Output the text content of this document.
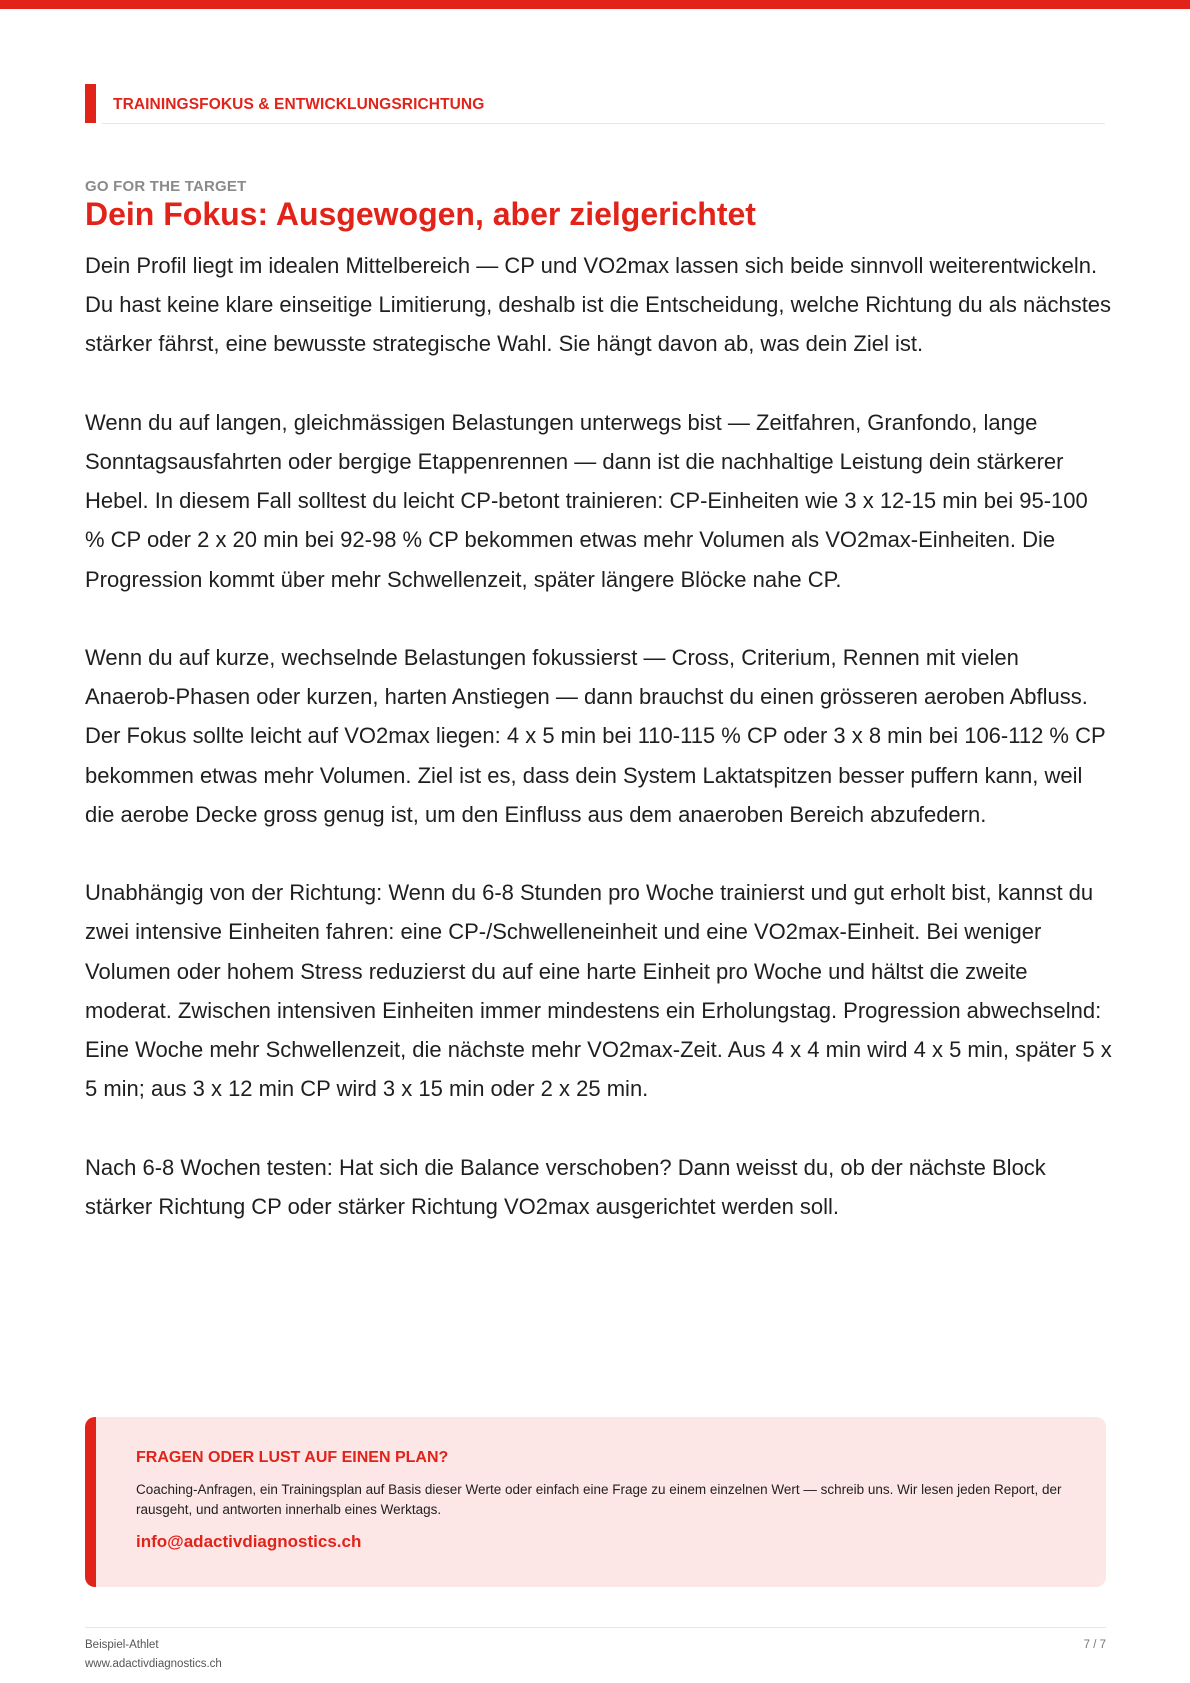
TRAININGSFOKUS & ENTWICKLUNGSRICHTUNG
GO FOR THE TARGET
Dein Fokus: Ausgewogen, aber zielgerichtet

Dein Profil liegt im idealen Mittelbereich — CP und VO2max lassen sich beide sinnvoll weiterentwickeln. Du hast keine klare einseitige Limitierung, deshalb ist die Entscheidung, welche Richtung du als nächstes stärker fährst, eine bewusste strategische Wahl. Sie hängt davon ab, was dein Ziel ist.

Wenn du auf langen, gleichmässigen Belastungen unterwegs bist — Zeitfahren, Granfondo, lange Sonntagsausfahrten oder bergige Etappenrennen — dann ist die nachhaltige Leistung dein stärkerer Hebel. In diesem Fall solltest du leicht CP-betont trainieren: CP-Einheiten wie 3 x 12-15 min bei 95-100 % CP oder 2 x 20 min bei 92-98 % CP bekommen etwas mehr Volumen als VO2max-Einheiten. Die Progression kommt über mehr Schwellenzeit, später längere Blöcke nahe CP.

Wenn du auf kurze, wechselnde Belastungen fokussierst — Cross, Criterium, Rennen mit vielen Anaerob-Phasen oder kurzen, harten Anstiegen — dann brauchst du einen grösseren aeroben Abfluss. Der Fokus sollte leicht auf VO2max liegen: 4 x 5 min bei 110-115 % CP oder 3 x 8 min bei 106-112 % CP bekommen etwas mehr Volumen. Ziel ist es, dass dein System Laktatspitzen besser puffern kann, weil die aerobe Decke gross genug ist, um den Einfluss aus dem anaeroben Bereich abzufedern.

Unabhängig von der Richtung: Wenn du 6-8 Stunden pro Woche trainierst und gut erholt bist, kannst du zwei intensive Einheiten fahren: eine CP-/Schwelleneinheit und eine VO2max-Einheit. Bei weniger Volumen oder hohem Stress reduzierst du auf eine harte Einheit pro Woche und hältst die zweite moderat. Zwischen intensiven Einheiten immer mindestens ein Erholungstag. Progression abwechselnd: Eine Woche mehr Schwellenzeit, die nächste mehr VO2max-Zeit. Aus 4 x 4 min wird 4 x 5 min, später 5 x 5 min; aus 3 x 12 min CP wird 3 x 15 min oder 2 x 25 min.

Nach 6-8 Wochen testen: Hat sich die Balance verschoben? Dann weisst du, ob der nächste Block stärker Richtung CP oder stärker Richtung VO2max ausgerichtet werden soll.

FRAGEN ODER LUST AUF EINEN PLAN?
Coaching-Anfragen, ein Trainingsplan auf Basis dieser Werte oder einfach eine Frage zu einem einzelnen Wert — schreib uns. Wir lesen jeden Report, der rausgeht, und antworten innerhalb eines Werktags.
info@adactivdiagnostics.ch
Beispiel-Athlet
www.adactivdiagnostics.ch
7 / 7
